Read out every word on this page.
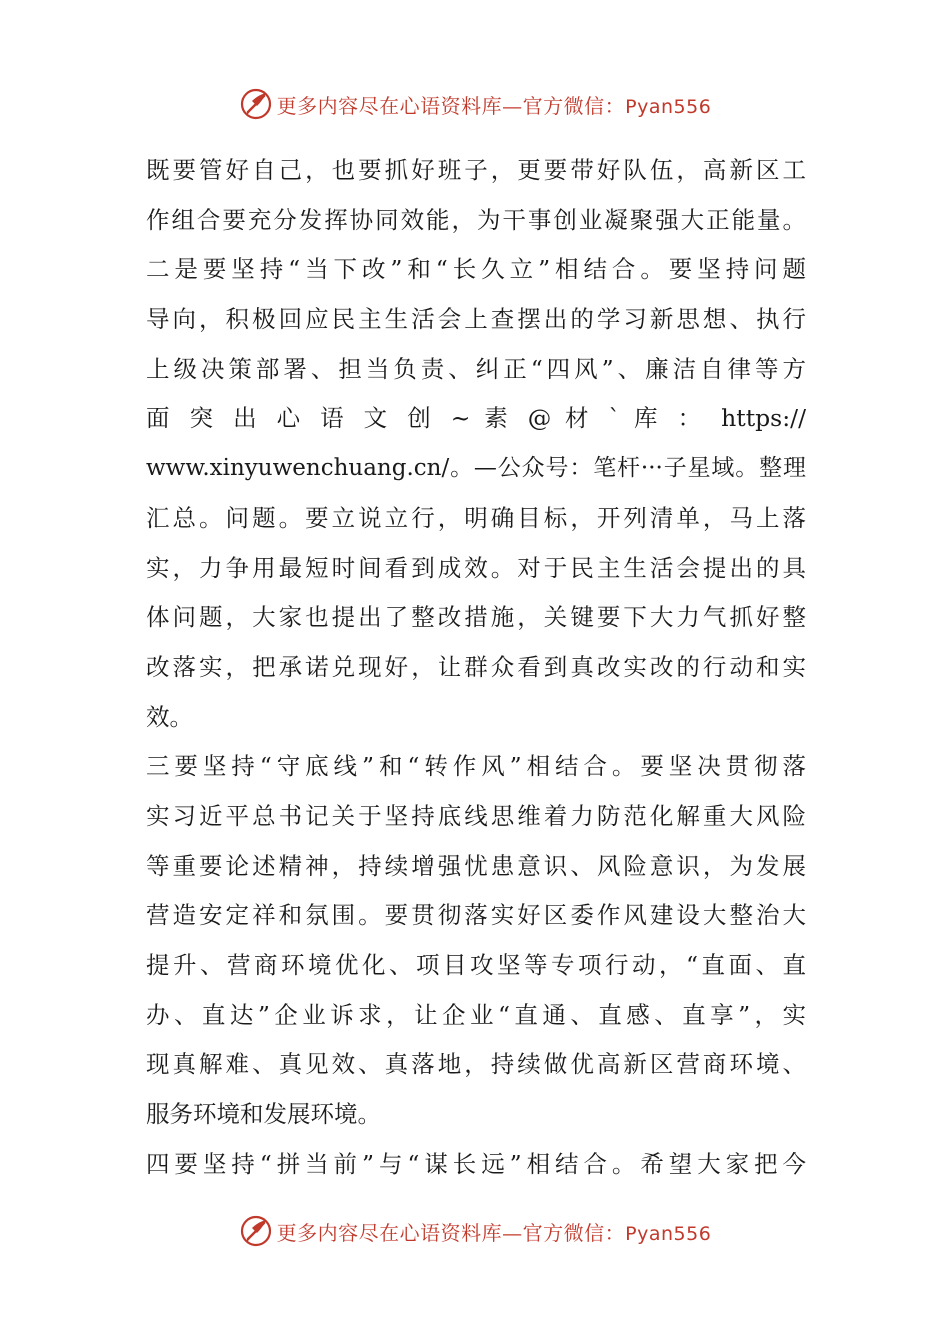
更多内容尽在心语资料库—官方微信：Pyan556
既要管好自己，也要抓好班子，更要带好队伍，高新区工
作组合要充分发挥协同效能，为干事创业凝聚强大正能量。
二是要坚持“当下改”和“长久立”相结合。要坚持问题
导向，积极回应民主生活会上查摆出的学习新思想、执行
上级决策部署、担当负责、纠正“四风”、廉洁自律等方
面 突 出 心 语 文 创 ~ 素 @ 材 ` 库 ： https://
www.xinyuwenchuang.cn/。—公众号：笔杆···子星域。整理
汇总。问题。要立说立行，明确目标，开列清单，马上落
实，力争用最短时间看到成效。对于民主生活会提出的具
体问题，大家也提出了整改措施，关键要下大力气抓好整
改落实，把承诺兑现好，让群众看到真改实改的行动和实
效。
三要坚持“守底线”和“转作风”相结合。要坚决贯彻落
实习近平总书记关于坚持底线思维着力防范化解重大风险
等重要论述精神，持续增强忧患意识、风险意识，为发展
营造安定祥和氛围。要贯彻落实好区委作风建设大整治大
提升、营商环境优化、项目攻坚等专项行动，“直面、直
办、直达”企业诉求，让企业“直通、直感、直享”，实
现真解难、真见效、真落地，持续做优高新区营商环境、
服务环境和发展环境。
四要坚持“拼当前”与“谋长远”相结合。希望大家把今
更多内容尽在心语资料库—官方微信：Pyan556
